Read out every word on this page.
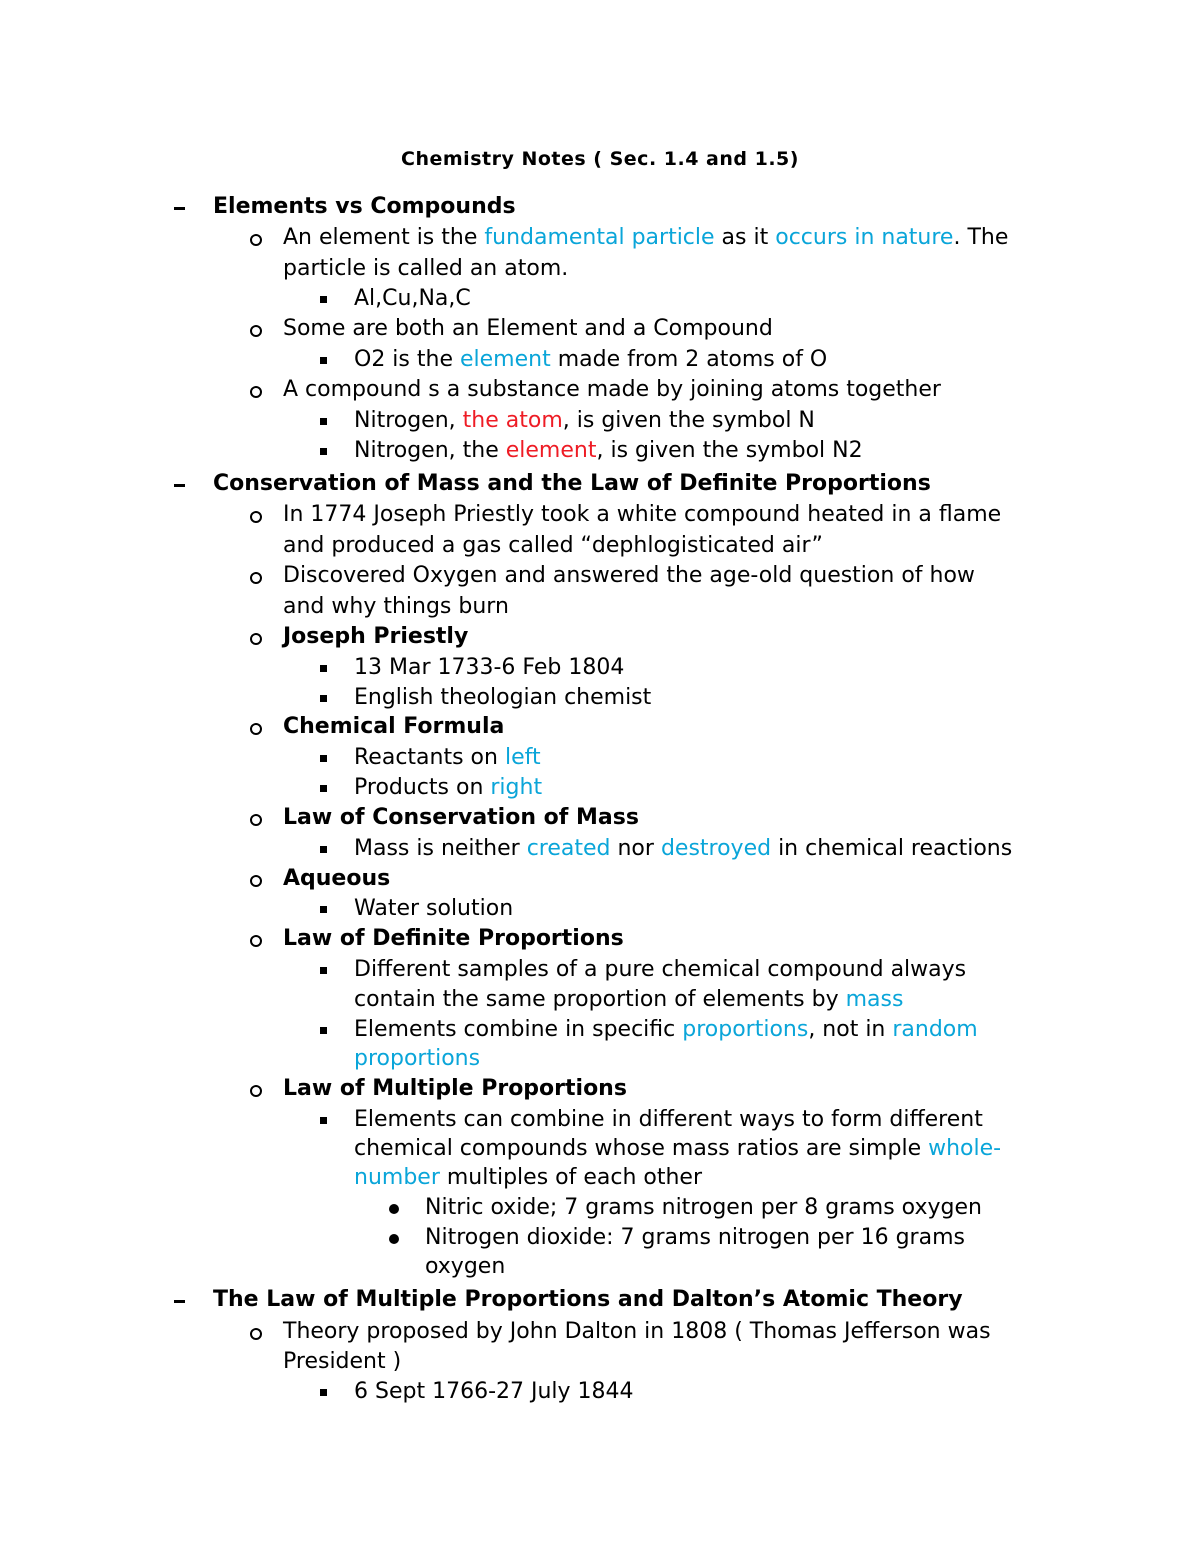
Chemistry Notes ( Sec. 1.4 and 1.5)
Elements vs Compounds
An element is the fundamental particle as it occurs in nature. The
particle is called an atom.
Al,Cu,Na,C
Some are both an Element and a Compound
O2 is the element made from 2 atoms of O
A compound s a substance made by joining atoms together
Nitrogen, the atom, is given the symbol N
Nitrogen, the element, is given the symbol N2
Conservation of Mass and the Law of Definite Proportions
In 1774 Joseph Priestly took a white compound heated in a flame
and produced a gas called “dephlogisticated air”
Discovered Oxygen and answered the age-old question of how
and why things burn
Joseph Priestly
13 Mar 1733-6 Feb 1804
English theologian chemist
Chemical Formula
Reactants on left
Products on right
Law of Conservation of Mass
Mass is neither created nor destroyed in chemical reactions
Aqueous
Water solution
Law of Definite Proportions
Different samples of a pure chemical compound always
contain the same proportion of elements by mass
Elements combine in specific proportions, not in random
proportions
Law of Multiple Proportions
Elements can combine in different ways to form different
chemical compounds whose mass ratios are simple whole-
number multiples of each other
Nitric oxide; 7 grams nitrogen per 8 grams oxygen
Nitrogen dioxide: 7 grams nitrogen per 16 grams
oxygen
The Law of Multiple Proportions and Dalton’s Atomic Theory
Theory proposed by John Dalton in 1808 ( Thomas Jefferson was
President )
6 Sept 1766-27 July 1844
